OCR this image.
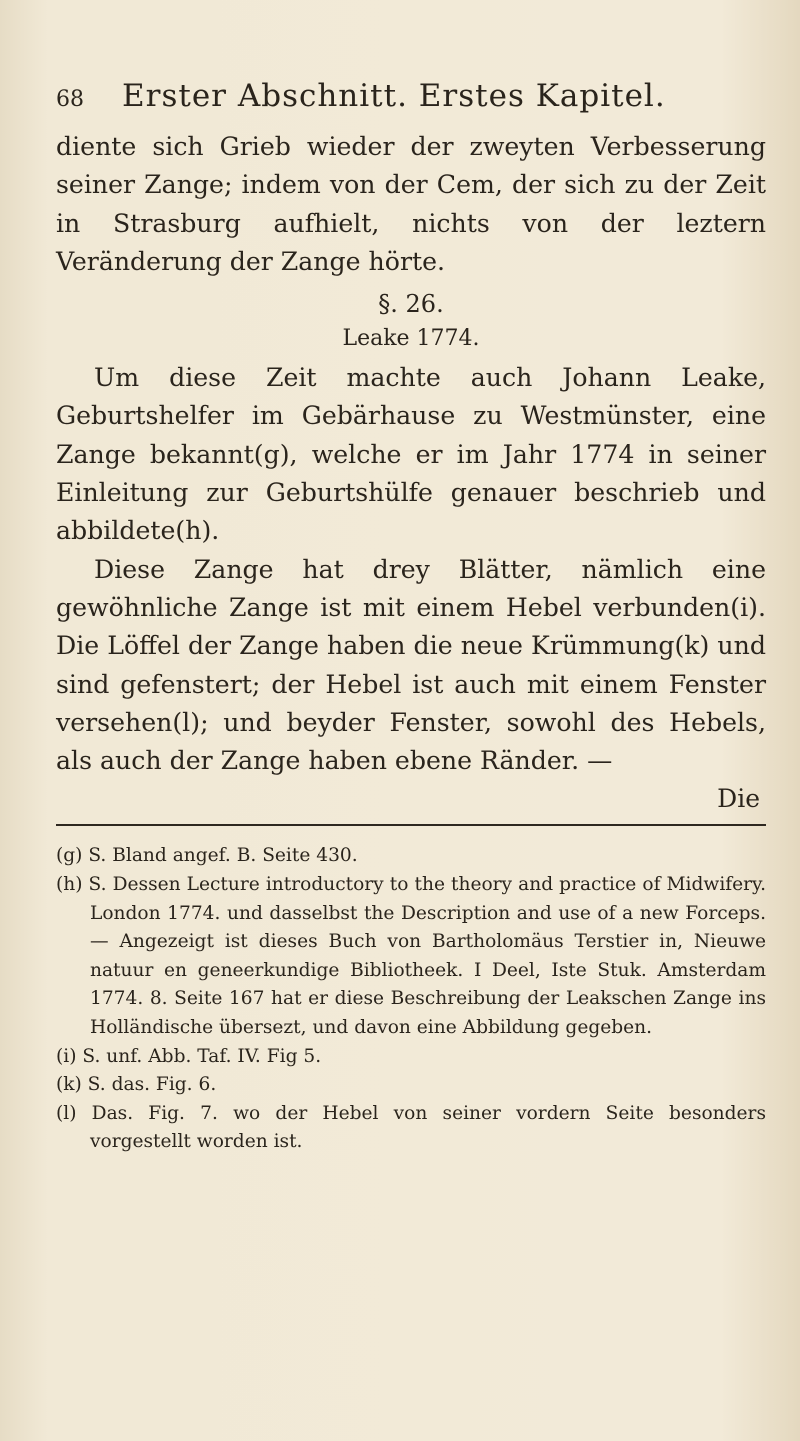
68	Erster Abschnitt. Erstes Kapitel.

diente sich Grieb wieder der zweyten Verbesserung seiner Zange; indem von der Cem, der sich zu der Zeit in Strasburg aufhielt, nichts von der leztern Veränderung der Zange hörte.

§. 26.
Leake 1774.

Um diese Zeit machte auch Johann Leake, Geburtshelfer im Gebärhause zu Westmünster, eine Zange bekannt(g), welche er im Jahr 1774 in seiner Einleitung zur Geburtshülfe genauer beschrieb und abbildete(h).

Diese Zange hat drey Blätter, nämlich eine gewöhnliche Zange ist mit einem Hebel verbunden(i). Die Löffel der Zange haben die neue Krümmung(k) und sind gefenstert; der Hebel ist auch mit einem Fenster versehen(l); und beyder Fenster, sowohl des Hebels, als auch der Zange haben ebene Ränder. —

Die

(g) S. Bland angef. B. Seite 430.

(h) S. Dessen Lecture introductory to the theory and practice of Midwifery. London 1774. und dasselbst the Description and use of a new Forceps. — Angezeigt ist dieses Buch von Bartholomäus Terstier in, Nieuwe natuur en geneerkundige Bibliotheek. I Deel, Iste Stuk. Amsterdam 1774. 8. Seite 167 hat er diese Beschreibung der Leakschen Zange ins Holländische übersezt, und davon eine Abbildung gegeben.

(i) S. unf. Abb. Taf. IV. Fig 5.

(k) S. das. Fig. 6.

(l) Das. Fig. 7. wo der Hebel von seiner vordern Seite besonders vorgestellt worden ist.
